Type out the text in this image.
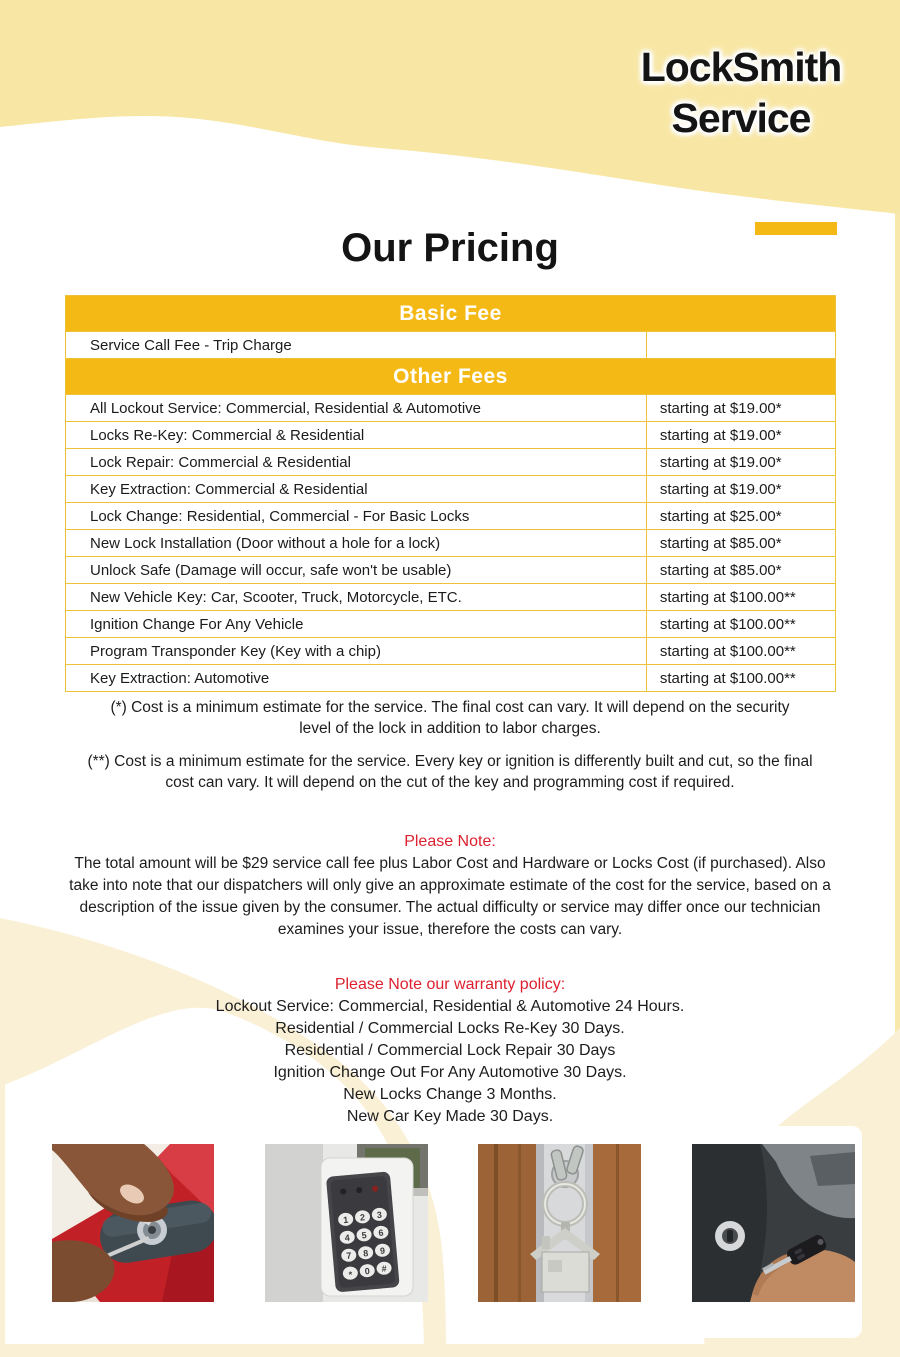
LockSmith
Service
Our Pricing
Basic Fee	
Service Call Fee - Trip Charge	
Other Fees	
All Lockout Service: Commercial, Residential & Automotive	starting at $19.00*
Locks Re-Key: Commercial & Residential	starting at $19.00*
Lock Repair: Commercial & Residential	starting at $19.00*
Key Extraction: Commercial & Residential	starting at $19.00*
Lock Change: Residential, Commercial - For Basic Locks	starting at $25.00*
New Lock Installation (Door without a hole for a lock)	starting at $85.00*
Unlock Safe (Damage will occur, safe won't be usable)	starting at $85.00*
New Vehicle Key: Car, Scooter, Truck, Motorcycle, ETC.	starting at $100.00**
Ignition Change For Any Vehicle	starting at $100.00**
Program Transponder Key (Key with a chip)	starting at $100.00**
Key Extraction: Automotive	starting at $100.00**
(*) Cost is a minimum estimate for the service. The final cost can vary. It will depend on the security level of the lock in addition to labor charges.
(**) Cost is a minimum estimate for the service. Every key or ignition is differently built and cut, so the final cost can vary. It will depend on the cut of the key and programming cost if required.
Please Note:
The total amount will be $29 service call fee plus Labor Cost and Hardware or Locks Cost (if purchased). Also take into note that our dispatchers will only give an approximate estimate of the cost for the service, based on a description of the issue given by the consumer. The actual difficulty or service may differ once our technician examines your issue, therefore the costs can vary.
Please Note our warranty policy:
Lockout Service: Commercial, Residential & Automotive 24 Hours.
Residential / Commercial Locks Re-Key 30 Days.
Residential / Commercial Lock Repair 30 Days
Ignition Change Out For Any Automotive 30 Days.
New Locks Change 3 Months.
New Car Key Made 30 Days.
1 2 3
4 5 6
7 8 9
* 0 #
